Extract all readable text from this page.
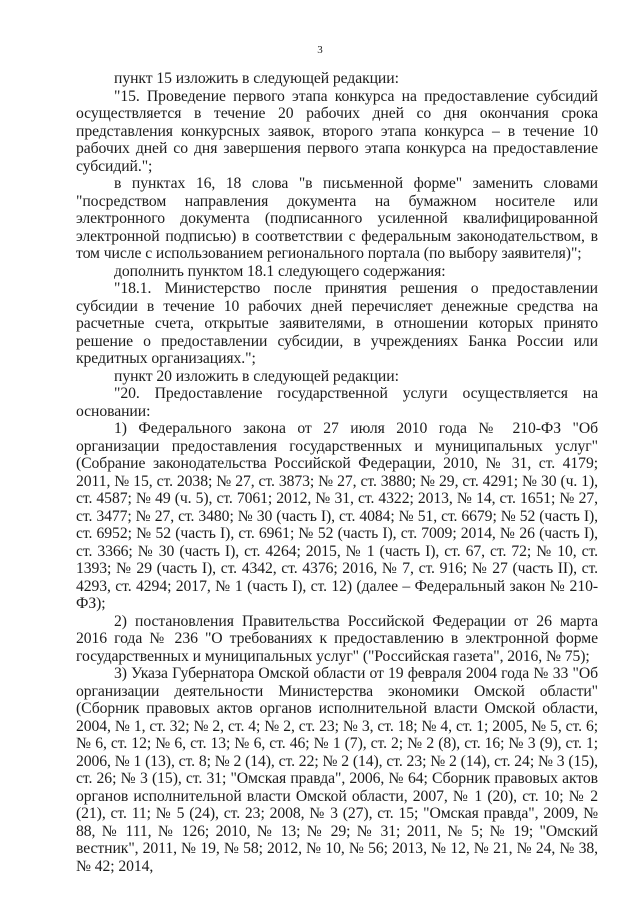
3

пункт 15 изложить в следующей редакции:

"15. Проведение первого этапа конкурса на предоставление субсидий осуществляется в течение 20 рабочих дней со дня окончания срока представления конкурсных заявок, второго этапа конкурса – в течение 10 рабочих дней со дня завершения первого этапа конкурса на предоставление субсидий.";

в пунктах 16, 18 слова "в письменной форме" заменить словами "посредством направления документа на бумажном носителе или электронного документа (подписанного усиленной квалифицированной электронной подписью) в соответствии с федеральным законодательством, в том числе с использованием регионального портала (по выбору заявителя)";

дополнить пунктом 18.1 следующего содержания:

"18.1. Министерство после принятия решения о предоставлении субсидии в течение 10 рабочих дней перечисляет денежные средства на расчетные счета, открытые заявителями, в отношении которых принято решение о предоставлении субсидии, в учреждениях Банка России или кредитных организациях.";

пункт 20 изложить в следующей редакции:

"20. Предоставление государственной услуги осуществляется на основании:

1) Федерального закона от 27 июля 2010 года № 210-ФЗ "Об организации предоставления государственных и муниципальных услуг" (Собрание законодательства Российской Федерации, 2010, № 31, ст. 4179; 2011, № 15, ст. 2038; № 27, ст. 3873; № 27, ст. 3880; № 29, ст. 4291; № 30 (ч. 1), ст. 4587; № 49 (ч. 5), ст. 7061; 2012, № 31, ст. 4322; 2013, № 14, ст. 1651; № 27, ст. 3477; № 27, ст. 3480; № 30 (часть I), ст. 4084; № 51, ст. 6679; № 52 (часть I), ст. 6952; № 52 (часть I), ст. 6961; № 52 (часть I), ст. 7009; 2014, № 26 (часть I), ст. 3366; № 30 (часть I), ст. 4264; 2015, № 1 (часть I), ст. 67, ст. 72; № 10, ст. 1393; № 29 (часть I), ст. 4342, ст. 4376; 2016, № 7, ст. 916; № 27 (часть II), ст. 4293, ст. 4294; 2017, № 1 (часть I), ст. 12) (далее – Федеральный закон № 210-ФЗ);

2) постановления Правительства Российской Федерации от 26 марта 2016 года № 236 "О требованиях к предоставлению в электронной форме государственных и муниципальных услуг" ("Российская газета", 2016, № 75);

3) Указа Губернатора Омской области от 19 февраля 2004 года № 33 "Об организации деятельности Министерства экономики Омской области" (Сборник правовых актов органов исполнительной власти Омской области, 2004, № 1, ст. 32; № 2, ст. 4; № 2, ст. 23; № 3, ст. 18; № 4, ст. 1; 2005, № 5, ст. 6; № 6, ст. 12; № 6, ст. 13; № 6, ст. 46; № 1 (7), ст. 2; № 2 (8), ст. 16; № 3 (9), ст. 1; 2006, № 1 (13), ст. 8; № 2 (14), ст. 22; № 2 (14), ст. 23; № 2 (14), ст. 24; № 3 (15), ст. 26; № 3 (15), ст. 31; "Омская правда", 2006, № 64; Сборник правовых актов органов исполнительной власти Омской области, 2007, № 1 (20), ст. 10; № 2 (21), ст. 11; № 5 (24), ст. 23; 2008, № 3 (27), ст. 15; "Омская правда", 2009, № 88, № 111, № 126; 2010, № 13; № 29; № 31; 2011, № 5; № 19; "Омский вестник", 2011, № 19, № 58; 2012, № 10, № 56; 2013, № 12, № 21, № 24, № 38, № 42; 2014,
